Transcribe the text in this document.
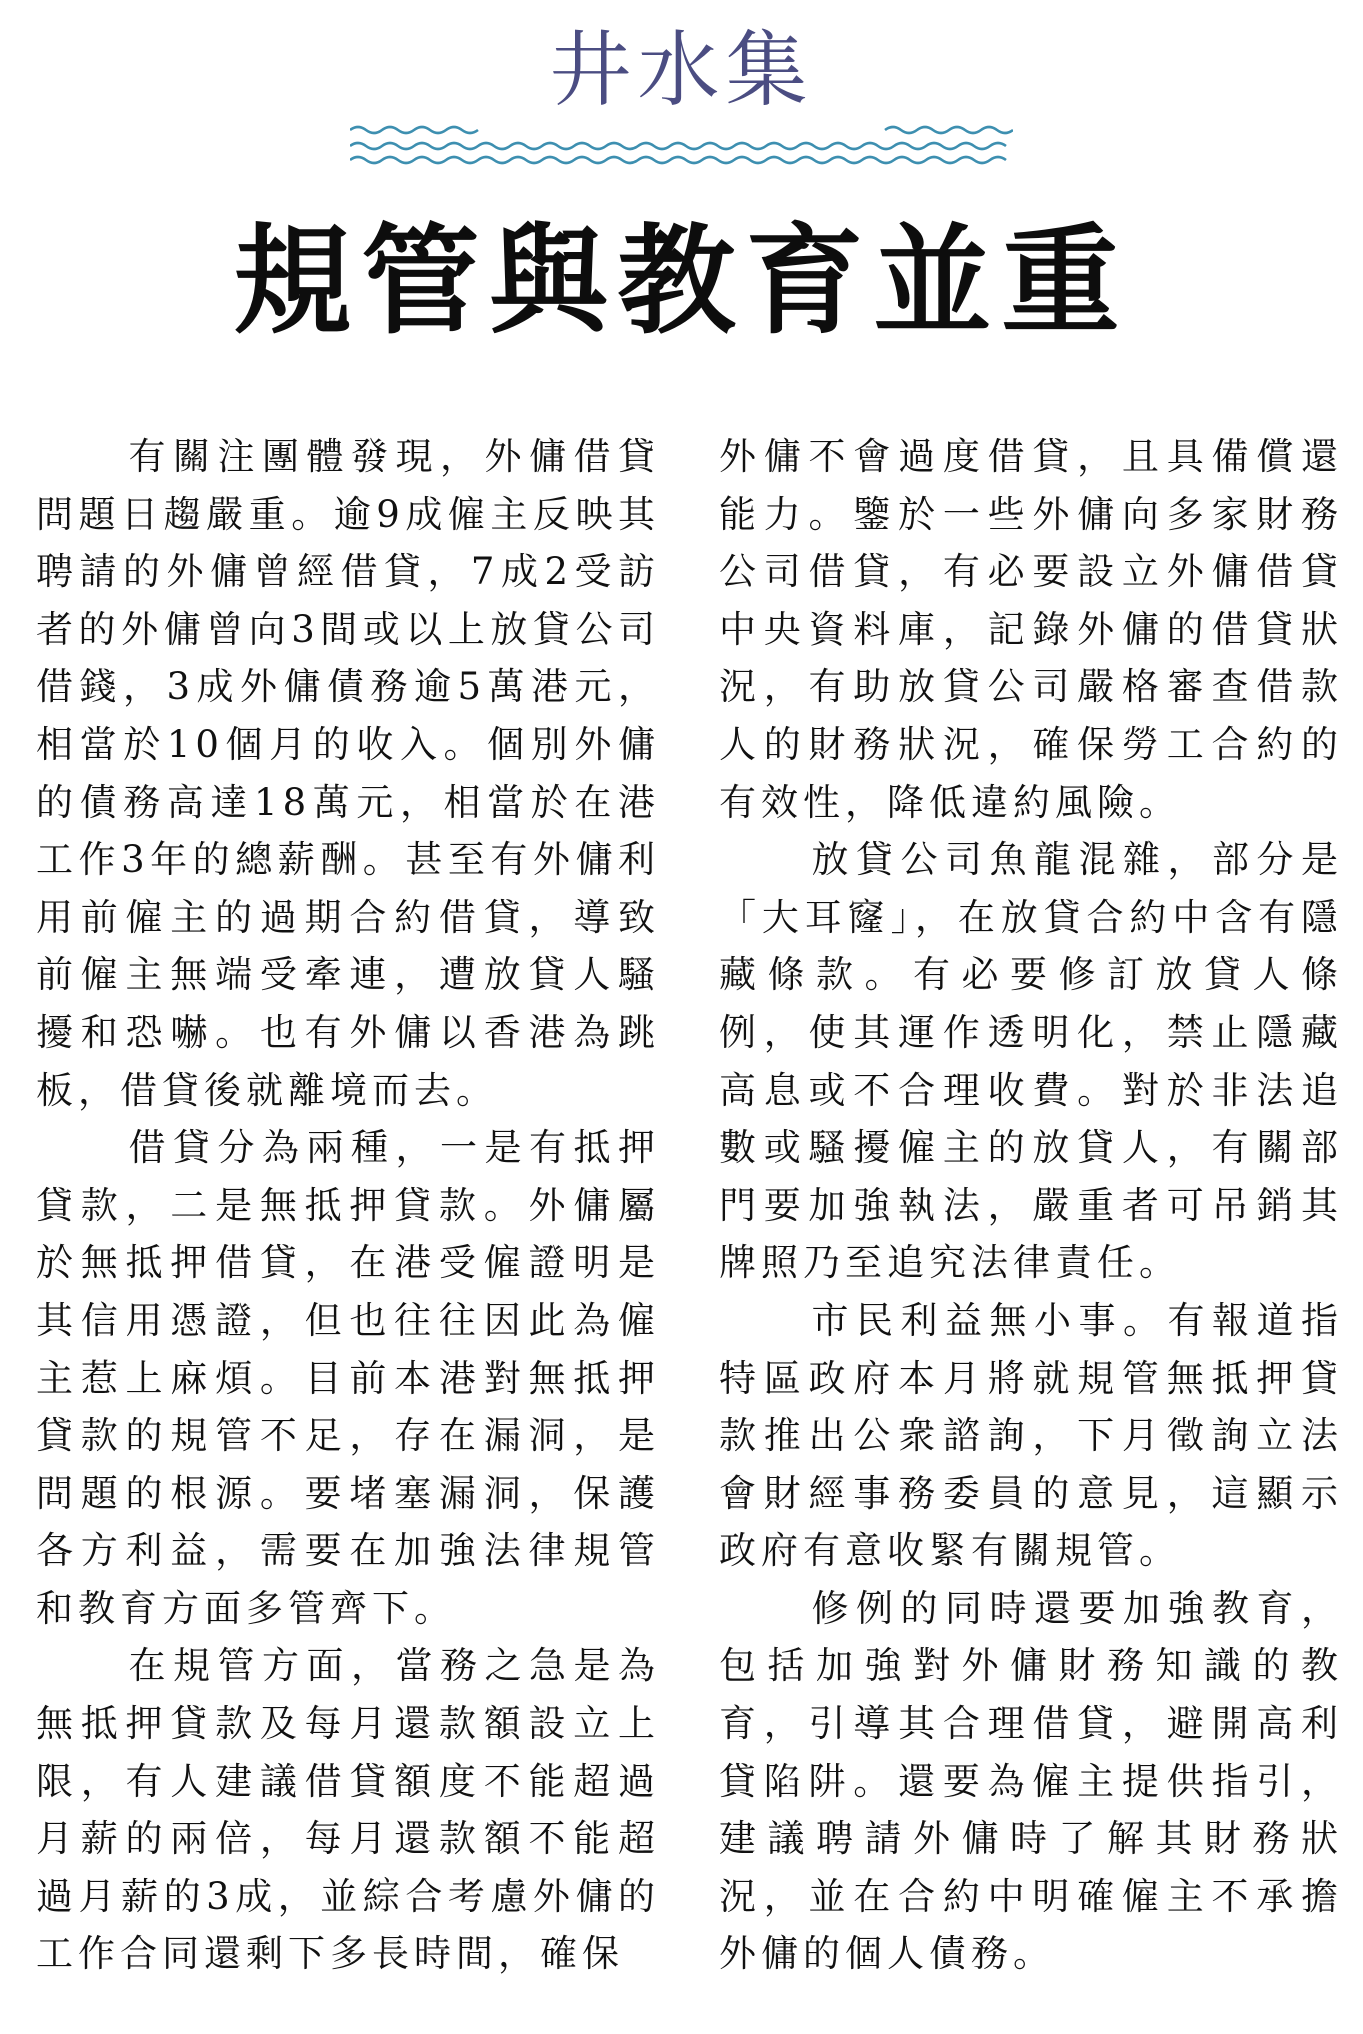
井水集
規管與教育並重

有關注團體發現，外傭借貸問題日趨嚴重。逾9成僱主反映其聘請的外傭曾經借貸，7成2受訪者的外傭曾向3間或以上放貸公司借錢，3成外傭債務逾5萬港元，相當於10個月的收入。個別外傭的債務高達18萬元，相當於在港工作3年的總薪酬。甚至有外傭利用前僱主的過期合約借貸，導致前僱主無端受牽連，遭放貸人騷擾和恐嚇。也有外傭以香港為跳板，借貸後就離境而去。

借貸分為兩種，一是有抵押貸款，二是無抵押貸款。外傭屬於無抵押借貸，在港受僱證明是其信用憑證，但也往往因此為僱主惹上麻煩。目前本港對無抵押貸款的規管不足，存在漏洞，是問題的根源。要堵塞漏洞，保護各方利益，需要在加強法律規管和教育方面多管齊下。

在規管方面，當務之急是為無抵押貸款及每月還款額設立上限，有人建議借貸額度不能超過月薪的兩倍，每月還款額不能超過月薪的3成，並綜合考慮外傭的工作合同還剩下多長時間，確保

外傭不會過度借貸，且具備償還能力。鑒於一些外傭向多家財務公司借貸，有必要設立外傭借貸中央資料庫，記錄外傭的借貸狀況，有助放貸公司嚴格審查借款人的財務狀況，確保勞工合約的有效性，降低違約風險。

放貸公司魚龍混雜，部分是「大耳窿」，在放貸合約中含有隱藏條款。有必要修訂放貸人條例，使其運作透明化，禁止隱藏高息或不合理收費。對於非法追數或騷擾僱主的放貸人，有關部門要加強執法，嚴重者可吊銷其牌照乃至追究法律責任。

市民利益無小事。有報道指特區政府本月將就規管無抵押貸款推出公衆諮詢，下月徵詢立法會財經事務委員的意見，這顯示政府有意收緊有關規管。

修例的同時還要加強教育，包括加強對外傭財務知識的教育，引導其合理借貸，避開高利貸陷阱。還要為僱主提供指引，建議聘請外傭時了解其財務狀況，並在合約中明確僱主不承擔外傭的個人債務。
